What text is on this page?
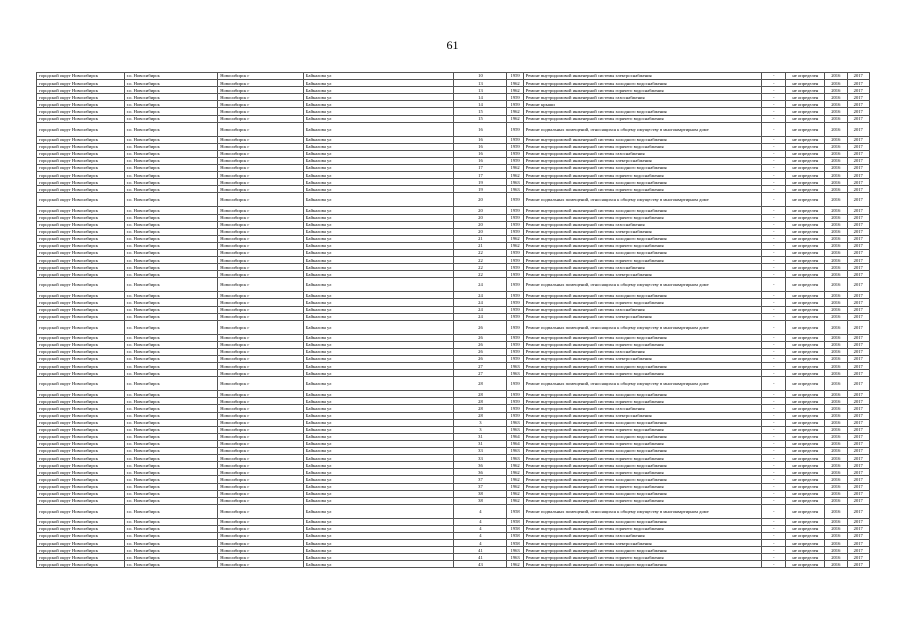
61
городской округ Новосибирск	г.о. Новосибирск	Новосибирск г	Байкалова ул	10	1959	Ремонт внутридомовой инженерной системы электроснабжения	-	не определен	2016	2017
городской округ Новосибирск	г.о. Новосибирск	Новосибирск г	Байкалова ул	13	1962	Ремонт внутридомовой инженерной системы холодного водоснабжения	-	не определен	2016	2017
городской округ Новосибирск	г.о. Новосибирск	Новосибирск г	Байкалова ул	13	1962	Ремонт внутридомовой инженерной системы горячего водоснабжения	-	не определен	2016	2017
городской округ Новосибирск	г.о. Новосибирск	Новосибирск г	Байкалова ул	14	1959	Ремонт внутридомовой инженерной системы газоснабжения	-	не определен	2016	2017
городской округ Новосибирск	г.о. Новосибирск	Новосибирск г	Байкалова ул	14	1959	Ремонт крыши	-	не определен	2016	2017
городской округ Новосибирск	г.о. Новосибирск	Новосибирск г	Байкалова ул	15	1962	Ремонт внутридомовой инженерной системы холодного водоснабжения	-	не определен	2016	2017
городской округ Новосибирск	г.о. Новосибирск	Новосибирск г	Байкалова ул	15	1962	Ремонт внутридомовой инженерной системы горячего водоснабжения	-	не определен	2016	2017
городской округ Новосибирск	г.о. Новосибирск	Новосибирск г	Байкалова ул	16	1959	Ремонт подвальных помещений, относящихся к общему имуществу в многоквартирном доме	-	не определен	2016	2017
городской округ Новосибирск	г.о. Новосибирск	Новосибирск г	Байкалова ул	16	1959	Ремонт внутридомовой инженерной системы холодного водоснабжения	-	не определен	2016	2017
городской округ Новосибирск	г.о. Новосибирск	Новосибирск г	Байкалова ул	16	1959	Ремонт внутридомовой инженерной системы горячего водоснабжения	-	не определен	2016	2017
городской округ Новосибирск	г.о. Новосибирск	Новосибирск г	Байкалова ул	16	1959	Ремонт внутридомовой инженерной системы газоснабжения	-	не определен	2016	2017
городской округ Новосибирск	г.о. Новосибирск	Новосибирск г	Байкалова ул	16	1959	Ремонт внутридомовой инженерной системы электроснабжения	-	не определен	2016	2017
городской округ Новосибирск	г.о. Новосибирск	Новосибирск г	Байкалова ул	17	1962	Ремонт внутридомовой инженерной системы холодного водоснабжения	-	не определен	2016	2017
городской округ Новосибирск	г.о. Новосибирск	Новосибирск г	Байкалова ул	17	1962	Ремонт внутридомовой инженерной системы горячего водоснабжения	-	не определен	2016	2017
городской округ Новосибирск	г.о. Новосибирск	Новосибирск г	Байкалова ул	19	1963	Ремонт внутридомовой инженерной системы холодного водоснабжения	-	не определен	2016	2017
городской округ Новосибирск	г.о. Новосибирск	Новосибирск г	Байкалова ул	19	1963	Ремонт внутридомовой инженерной системы горячего водоснабжения	-	не определен	2016	2017
городской округ Новосибирск	г.о. Новосибирск	Новосибирск г	Байкалова ул	20	1959	Ремонт подвальных помещений, относящихся к общему имуществу в многоквартирном доме	-	не определен	2016	2017
городской округ Новосибирск	г.о. Новосибирск	Новосибирск г	Байкалова ул	20	1959	Ремонт внутридомовой инженерной системы холодного водоснабжения	-	не определен	2016	2017
городской округ Новосибирск	г.о. Новосибирск	Новосибирск г	Байкалова ул	20	1959	Ремонт внутридомовой инженерной системы горячего водоснабжения	-	не определен	2016	2017
городской округ Новосибирск	г.о. Новосибирск	Новосибирск г	Байкалова ул	20	1959	Ремонт внутридомовой инженерной системы газоснабжения	-	не определен	2016	2017
городской округ Новосибирск	г.о. Новосибирск	Новосибирск г	Байкалова ул	20	1959	Ремонт внутридомовой инженерной системы электроснабжения	-	не определен	2016	2017
городской округ Новосибирск	г.о. Новосибирск	Новосибирск г	Байкалова ул	21	1962	Ремонт внутридомовой инженерной системы холодного водоснабжения	-	не определен	2016	2017
городской округ Новосибирск	г.о. Новосибирск	Новосибирск г	Байкалова ул	21	1962	Ремонт внутридомовой инженерной системы горячего водоснабжения	-	не определен	2016	2017
городской округ Новосибирск	г.о. Новосибирск	Новосибирск г	Байкалова ул	22	1959	Ремонт внутридомовой инженерной системы холодного водоснабжения	-	не определен	2016	2017
городской округ Новосибирск	г.о. Новосибирск	Новосибирск г	Байкалова ул	22	1959	Ремонт внутридомовой инженерной системы горячего водоснабжения	-	не определен	2016	2017
городской округ Новосибирск	г.о. Новосибирск	Новосибирск г	Байкалова ул	22	1959	Ремонт внутридомовой инженерной системы газоснабжения	-	не определен	2016	2017
городской округ Новосибирск	г.о. Новосибирск	Новосибирск г	Байкалова ул	22	1959	Ремонт внутридомовой инженерной системы электроснабжения	-	не определен	2016	2017
городской округ Новосибирск	г.о. Новосибирск	Новосибирск г	Байкалова ул	24	1959	Ремонт подвальных помещений, относящихся к общему имуществу в многоквартирном доме	-	не определен	2016	2017
городской округ Новосибирск	г.о. Новосибирск	Новосибирск г	Байкалова ул	24	1959	Ремонт внутридомовой инженерной системы холодного водоснабжения	-	не определен	2016	2017
городской округ Новосибирск	г.о. Новосибирск	Новосибирск г	Байкалова ул	24	1959	Ремонт внутридомовой инженерной системы горячего водоснабжения	-	не определен	2016	2017
городской округ Новосибирск	г.о. Новосибирск	Новосибирск г	Байкалова ул	24	1959	Ремонт внутридомовой инженерной системы газоснабжения	-	не определен	2016	2017
городской округ Новосибирск	г.о. Новосибирск	Новосибирск г	Байкалова ул	24	1959	Ремонт внутридомовой инженерной системы электроснабжения	-	не определен	2016	2017
городской округ Новосибирск	г.о. Новосибирск	Новосибирск г	Байкалова ул	26	1959	Ремонт подвальных помещений, относящихся к общему имуществу в многоквартирном доме	-	не определен	2016	2017
городской округ Новосибирск	г.о. Новосибирск	Новосибирск г	Байкалова ул	26	1959	Ремонт внутридомовой инженерной системы холодного водоснабжения	-	не определен	2016	2017
городской округ Новосибирск	г.о. Новосибирск	Новосибирск г	Байкалова ул	26	1959	Ремонт внутридомовой инженерной системы горячего водоснабжения	-	не определен	2016	2017
городской округ Новосибирск	г.о. Новосибирск	Новосибирск г	Байкалова ул	26	1959	Ремонт внутридомовой инженерной системы газоснабжения	-	не определен	2016	2017
городской округ Новосибирск	г.о. Новосибирск	Новосибирск г	Байкалова ул	26	1959	Ремонт внутридомовой инженерной системы электроснабжения	-	не определен	2016	2017
городской округ Новосибирск	г.о. Новосибирск	Новосибирск г	Байкалова ул	27	1963	Ремонт внутридомовой инженерной системы холодного водоснабжения	-	не определен	2016	2017
городской округ Новосибирск	г.о. Новосибирск	Новосибирск г	Байкалова ул	27	1963	Ремонт внутридомовой инженерной системы горячего водоснабжения	-	не определен	2016	2017
городской округ Новосибирск	г.о. Новосибирск	Новосибирск г	Байкалова ул	28	1959	Ремонт подвальных помещений, относящихся к общему имуществу в многоквартирном доме	-	не определен	2016	2017
городской округ Новосибирск	г.о. Новосибирск	Новосибирск г	Байкалова ул	28	1959	Ремонт внутридомовой инженерной системы холодного водоснабжения	-	не определен	2016	2017
городской округ Новосибирск	г.о. Новосибирск	Новосибирск г	Байкалова ул	28	1959	Ремонт внутридомовой инженерной системы горячего водоснабжения	-	не определен	2016	2017
городской округ Новосибирск	г.о. Новосибирск	Новосибирск г	Байкалова ул	28	1959	Ремонт внутридомовой инженерной системы газоснабжения	-	не определен	2016	2017
городской округ Новосибирск	г.о. Новосибирск	Новосибирск г	Байкалова ул	28	1959	Ремонт внутридомовой инженерной системы электроснабжения	-	не определен	2016	2017
городской округ Новосибирск	г.о. Новосибирск	Новосибирск г	Байкалова ул	3	1963	Ремонт внутридомовой инженерной системы холодного водоснабжения	-	не определен	2016	2017
городской округ Новосибирск	г.о. Новосибирск	Новосибирск г	Байкалова ул	3	1963	Ремонт внутридомовой инженерной системы горячего водоснабжения	-	не определен	2016	2017
городской округ Новосибирск	г.о. Новосибирск	Новосибирск г	Байкалова ул	31	1964	Ремонт внутридомовой инженерной системы холодного водоснабжения	-	не определен	2016	2017
городской округ Новосибирск	г.о. Новосибирск	Новосибирск г	Байкалова ул	31	1964	Ремонт внутридомовой инженерной системы горячего водоснабжения	-	не определен	2016	2017
городской округ Новосибирск	г.о. Новосибирск	Новосибирск г	Байкалова ул	33	1963	Ремонт внутридомовой инженерной системы холодного водоснабжения	-	не определен	2016	2017
городской округ Новосибирск	г.о. Новосибирск	Новосибирск г	Байкалова ул	33	1963	Ремонт внутридомовой инженерной системы горячего водоснабжения	-	не определен	2016	2017
городской округ Новосибирск	г.о. Новосибирск	Новосибирск г	Байкалова ул	36	1962	Ремонт внутридомовой инженерной системы холодного водоснабжения	-	не определен	2016	2017
городской округ Новосибирск	г.о. Новосибирск	Новосибирск г	Байкалова ул	36	1962	Ремонт внутридомовой инженерной системы горячего водоснабжения	-	не определен	2016	2017
городской округ Новосибирск	г.о. Новосибирск	Новосибирск г	Байкалова ул	37	1962	Ремонт внутридомовой инженерной системы холодного водоснабжения	-	не определен	2016	2017
городской округ Новосибирск	г.о. Новосибирск	Новосибирск г	Байкалова ул	37	1962	Ремонт внутридомовой инженерной системы горячего водоснабжения	-	не определен	2016	2017
городской округ Новосибирск	г.о. Новосибирск	Новосибирск г	Байкалова ул	38	1962	Ремонт внутридомовой инженерной системы холодного водоснабжения	-	не определен	2016	2017
городской округ Новосибирск	г.о. Новосибирск	Новосибирск г	Байкалова ул	38	1962	Ремонт внутридомовой инженерной системы горячего водоснабжения	-	не определен	2016	2017
городской округ Новосибирск	г.о. Новосибирск	Новосибирск г	Байкалова ул	4	1958	Ремонт подвальных помещений, относящихся к общему имуществу в многоквартирном доме	-	не определен	2016	2017
городской округ Новосибирск	г.о. Новосибирск	Новосибирск г	Байкалова ул	4	1958	Ремонт внутридомовой инженерной системы холодного водоснабжения	-	не определен	2016	2017
городской округ Новосибирск	г.о. Новосибирск	Новосибирск г	Байкалова ул	4	1958	Ремонт внутридомовой инженерной системы горячего водоснабжения	-	не определен	2016	2017
городской округ Новосибирск	г.о. Новосибирск	Новосибирск г	Байкалова ул	4	1958	Ремонт внутридомовой инженерной системы газоснабжения	-	не определен	2016	2017
городской округ Новосибирск	г.о. Новосибирск	Новосибирск г	Байкалова ул	4	1958	Ремонт внутридомовой инженерной системы электроснабжения	-	не определен	2016	2017
городской округ Новосибирск	г.о. Новосибирск	Новосибирск г	Байкалова ул	41	1963	Ремонт внутридомовой инженерной системы холодного водоснабжения	-	не определен	2016	2017
городской округ Новосибирск	г.о. Новосибирск	Новосибирск г	Байкалова ул	41	1963	Ремонт внутридомовой инженерной системы горячего водоснабжения	-	не определен	2016	2017
городской округ Новосибирск	г.о. Новосибирск	Новосибирск г	Байкалова ул	43	1962	Ремонт внутридомовой инженерной системы холодного водоснабжения	-	не определен	2016	2017
